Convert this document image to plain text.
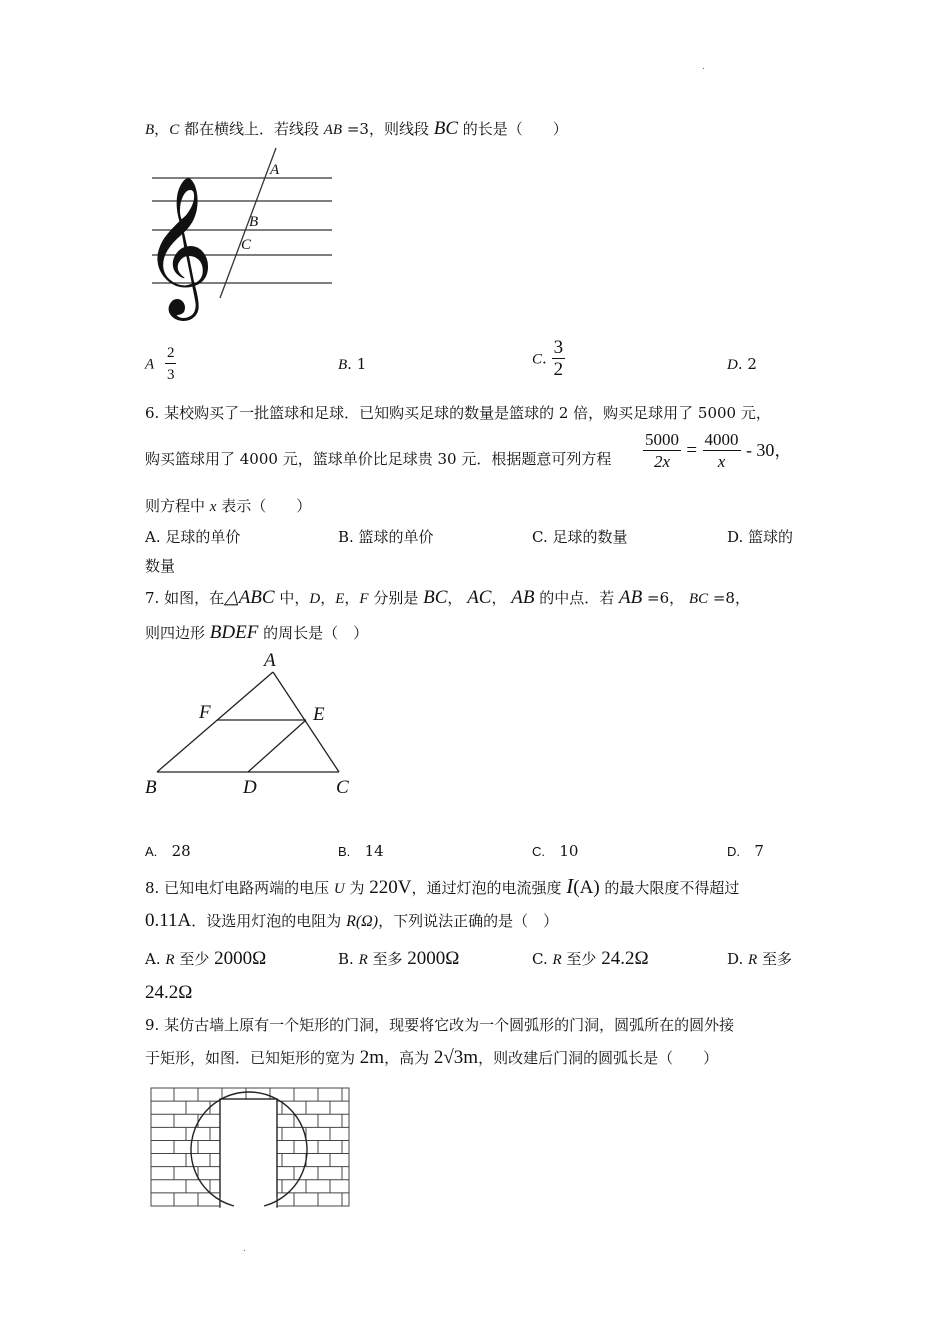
.
B，C 都在横线上．若线段 AB =3，则线段 BC 的长是（　　）
𝄞
A
B
C
A $\frac{2}{3}$	B. 1	C. $\frac{3}{2}$	D. 2
6. 某校购买了一批篮球和足球．已知购买足球的数量是篮球的 2 倍，购买足球用了 5000 元，
购买篮球用了 4000 元，篮球单价比足球贵 30 元．根据题意可列方程 $\frac{5000}{2x} = \frac{4000}{x} - 30$，
则方程中 x 表示（　　）
A. 足球的单价	B. 篮球的单价	C. 足球的数量	D. 篮球的
数量
7. 如图，在△ABC 中，D，E，F 分别是 BC， AC， AB 的中点．若 AB =6， BC =8，
则四边形 BDEF 的周长是（　）
A
F	E
B	D	C
A. 28	B. 14	C. 10	D. 7
8. 已知电灯电路两端的电压 U 为 220V，通过灯泡的电流强度 I(A) 的最大限度不得超过
0.11A．设选用灯泡的电阻为 R(Ω)，下列说法正确的是（　）
A. R 至少 2000Ω	B. R 至多 2000Ω	C. R 至少 24.2Ω	D. R 至多
24.2Ω
9. 某仿古墙上原有一个矩形的门洞，现要将它改为一个圆弧形的门洞，圆弧所在的圆外接
于矩形，如图．已知矩形的宽为 2m，高为 2√3m，则改建后门洞的圆弧长是（　　）
.
